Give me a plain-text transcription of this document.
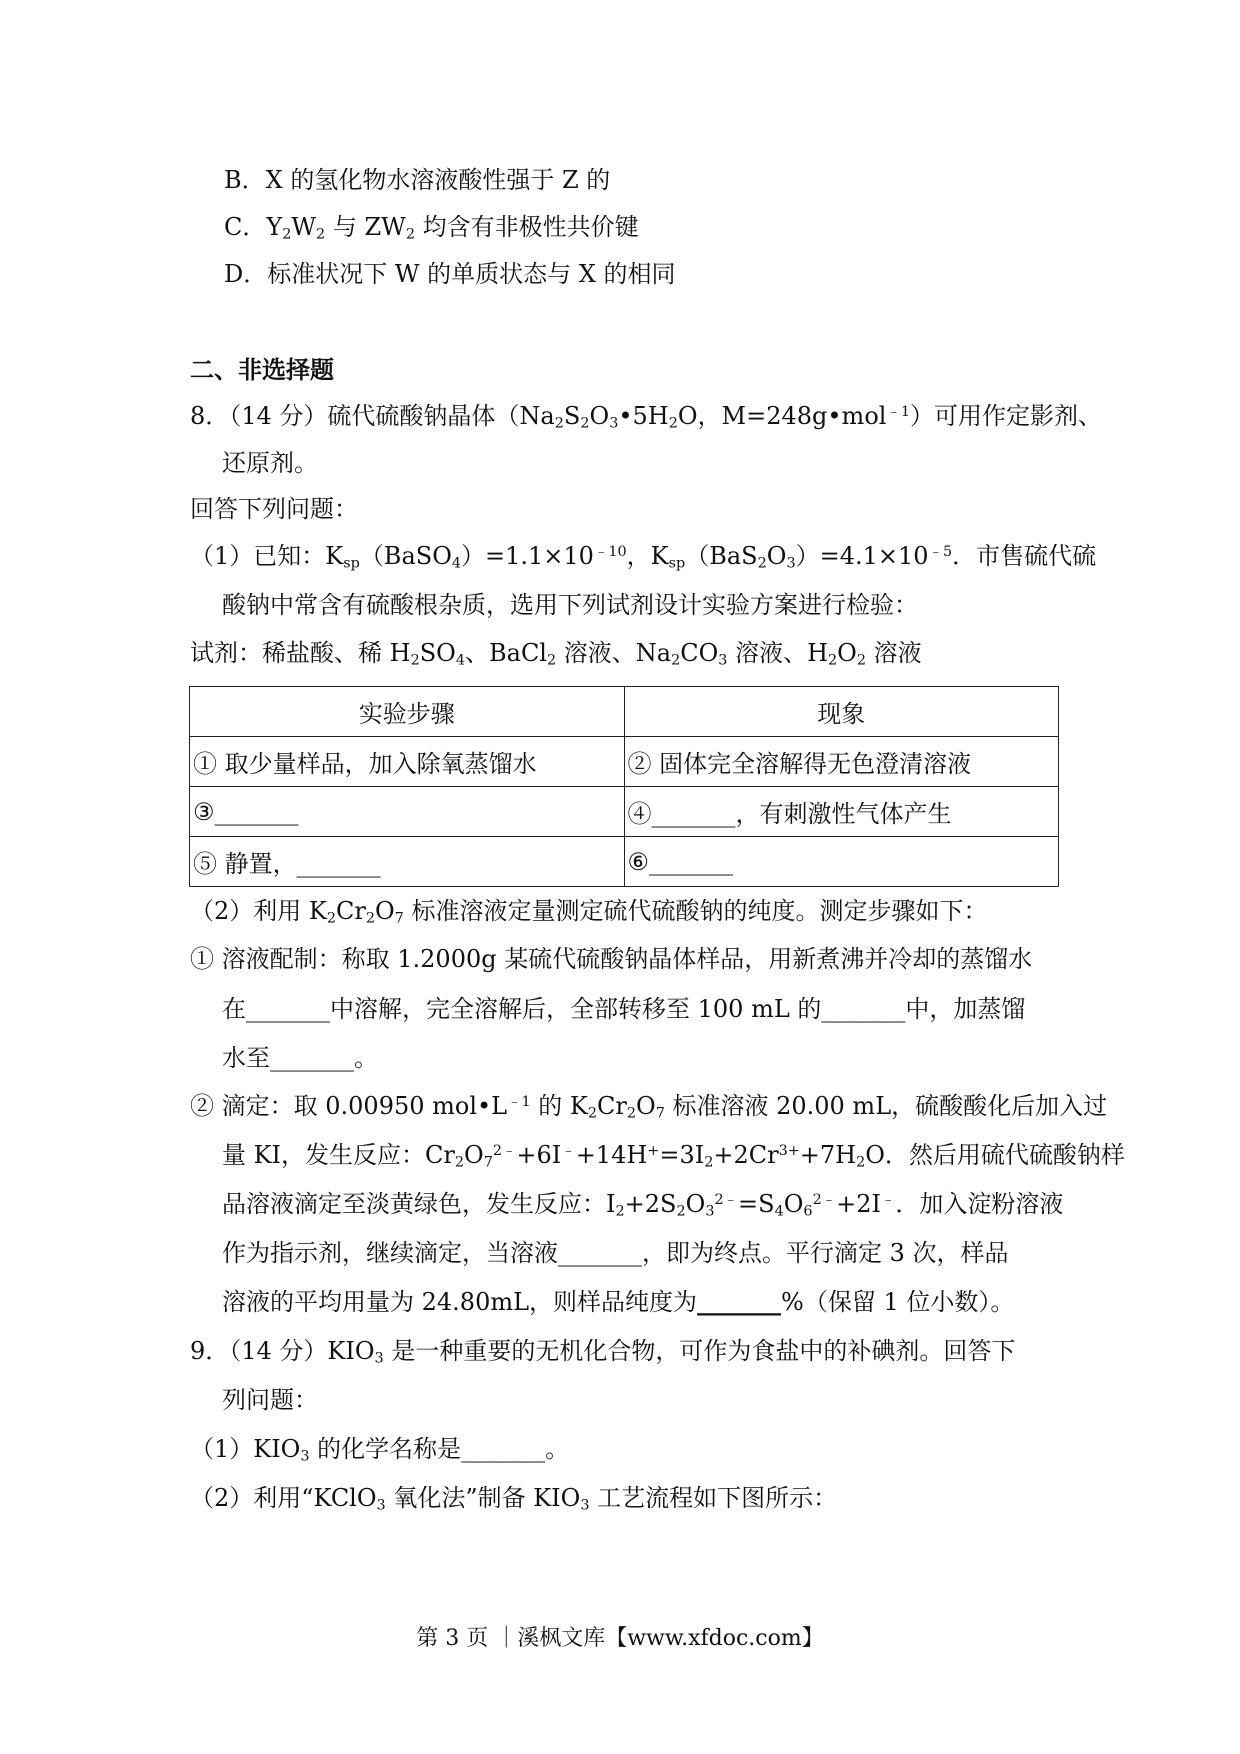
B．X 的氢化物水溶液酸性强于 Z 的
C．$Y_2W_2$ 与 $ZW_2$ 均含有非极性共价键
D．标准状况下 W 的单质状态与 X 的相同
二、非选择题
8．（14 分）硫代硫酸钠晶体（$Na_2S_2O_3•5H_2O$，M=248g•mol$^{﹣1}$）可用作定影剂、
还原剂。
回答下列问题：
（1）已知：$K_{sp}(BaSO_4)=1.1\times 10^{﹣10}$，$K_{sp}(BaS_2O_3)=4.1\times 10^{﹣5}$．市售硫代硫
酸钠中常含有硫酸根杂质，选用下列试剂设计实验方案进行检验：
试剂：稀盐酸、稀 $H_2SO_4$、BaCl$_2$ 溶液、$Na_2CO_3$ 溶液、$H_2O_2$ 溶液
实验步骤	现象
① 取少量样品，加入除氧蒸馏水	② 固体完全溶解得无色澄清溶液
③_______	④_______，有刺激性气体产生
⑤ 静置，_______	⑥_______
（2）利用 $K_2Cr_2O_7$ 标准溶液定量测定硫代硫酸钠的纯度。测定步骤如下：
① 溶液配制：称取 1.2000g 某硫代硫酸钠晶体样品，用新煮沸并冷却的蒸馏水
在_______中溶解，完全溶解后，全部转移至 100 mL 的_______中，加蒸馏
水至_______。
② 滴定：取 0.00950 $mol•L^{﹣1}$ 的 $K_2Cr_2O_7$ 标准溶液 20.00 mL，硫酸酸化后加入过
量 KI，发生反应：$Cr_2O_7^{2﹣}+6I^﹣+14H^+=3I_2+2Cr^{3+}+7H_2O$．然后用硫代硫酸钠样
品溶液滴定至淡黄绿色，发生反应：$I_2+2S_2O_3^{2﹣}=S_4O_6^{2﹣}+2I^﹣$．加入淀粉溶液
作为指示剂，继续滴定，当溶液_______，即为终点。平行滴定 3 次，样品
溶液的平均用量为 24.80mL，则样品纯度为_______%（保留 1 位小数）。
9．（14 分）$KIO_3$ 是一种重要的无机化合物，可作为食盐中的补碘剂。回答下
列问题：
$(1)KIO_3$ 的化学名称是_______。
（2）利用“KClO$_3$ 氧化法”制备 $KIO_3$ 工艺流程如下图所示：
第 3 页 ｜溪枫文库【www.xfdoc.com】
